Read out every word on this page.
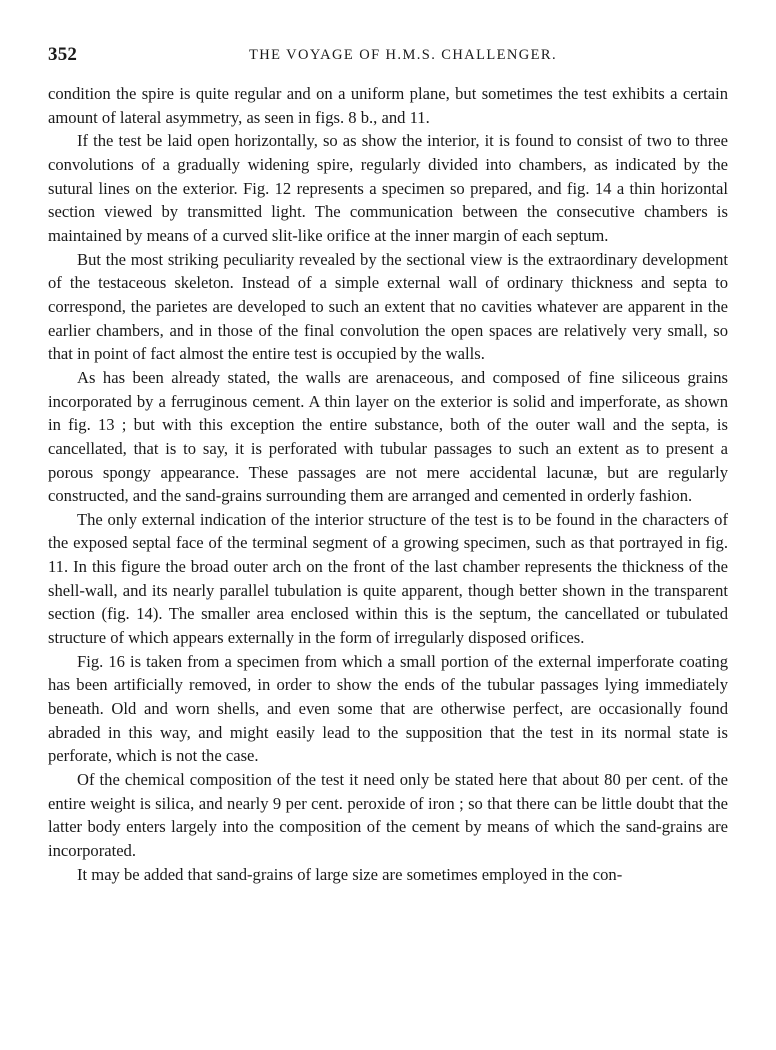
352	THE VOYAGE OF H.M.S. CHALLENGER.

condition the spire is quite regular and on a uniform plane, but sometimes the test exhibits a certain amount of lateral asymmetry, as seen in figs. 8 b., and 11.

If the test be laid open horizontally, so as show the interior, it is found to consist of two to three convolutions of a gradually widening spire, regularly divided into chambers, as indicated by the sutural lines on the exterior. Fig. 12 represents a specimen so prepared, and fig. 14 a thin horizontal section viewed by transmitted light. The communication between the consecutive chambers is maintained by means of a curved slit-like orifice at the inner margin of each septum.

But the most striking peculiarity revealed by the sectional view is the extraordinary development of the testaceous skeleton. Instead of a simple external wall of ordinary thickness and septa to correspond, the parietes are developed to such an extent that no cavities whatever are apparent in the earlier chambers, and in those of the final convolution the open spaces are relatively very small, so that in point of fact almost the entire test is occupied by the walls.

As has been already stated, the walls are arenaceous, and composed of fine siliceous grains incorporated by a ferruginous cement. A thin layer on the exterior is solid and imperforate, as shown in fig. 13 ; but with this exception the entire substance, both of the outer wall and the septa, is cancellated, that is to say, it is perforated with tubular passages to such an extent as to present a porous spongy appearance. These passages are not mere accidental lacunæ, but are regularly constructed, and the sand-grains surrounding them are arranged and cemented in orderly fashion.

The only external indication of the interior structure of the test is to be found in the characters of the exposed septal face of the terminal segment of a growing specimen, such as that portrayed in fig. 11. In this figure the broad outer arch on the front of the last chamber represents the thickness of the shell-wall, and its nearly parallel tubulation is quite apparent, though better shown in the transparent section (fig. 14). The smaller area enclosed within this is the septum, the cancellated or tubulated structure of which appears externally in the form of irregularly disposed orifices.

Fig. 16 is taken from a specimen from which a small portion of the external imperforate coating has been artificially removed, in order to show the ends of the tubular passages lying immediately beneath. Old and worn shells, and even some that are otherwise perfect, are occasionally found abraded in this way, and might easily lead to the supposition that the test in its normal state is perforate, which is not the case.

Of the chemical composition of the test it need only be stated here that about 80 per cent. of the entire weight is silica, and nearly 9 per cent. peroxide of iron ; so that there can be little doubt that the latter body enters largely into the composition of the cement by means of which the sand-grains are incorporated.

It may be added that sand-grains of large size are sometimes employed in the con-
